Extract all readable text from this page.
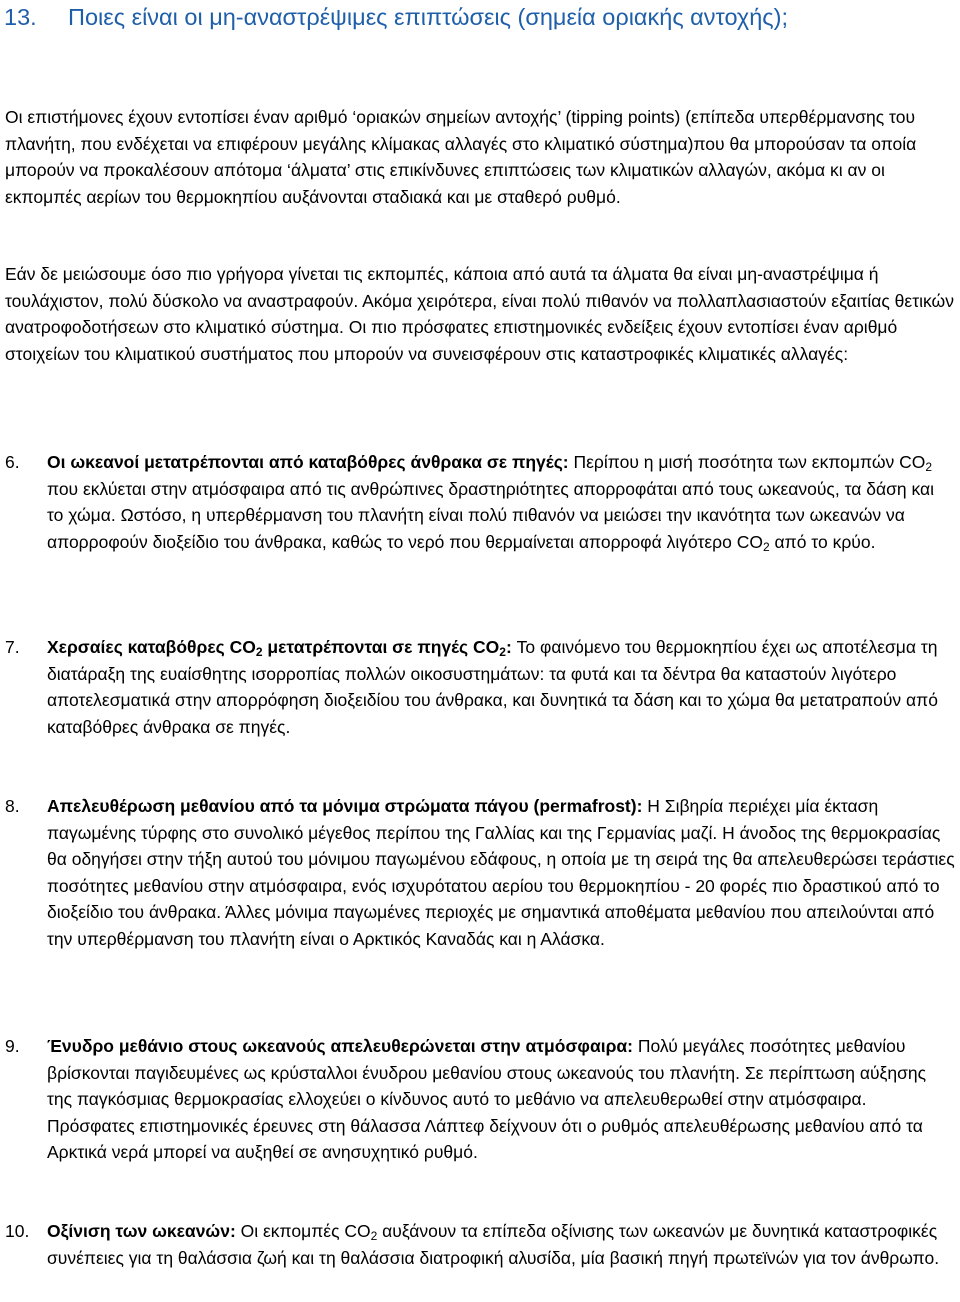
13.	Ποιες είναι οι μη-αναστρέψιμες επιπτώσεις (σημεία οριακής αντοχής);

Οι επιστήμονες έχουν εντοπίσει έναν αριθμό ‘οριακών σημείων αντοχής’ (tipping points) (επίπεδα υπερθέρμανσης του πλανήτη, που ενδέχεται να επιφέρουν μεγάλης κλίμακας αλλαγές στο κλιματικό σύστημα)που θα μπορούσαν τα οποία μπορούν να προκαλέσουν απότομα ‘άλματα’ στις επικίνδυνες επιπτώσεις των κλιματικών αλλαγών, ακόμα κι αν οι εκπομπές αερίων του θερμοκηπίου αυξάνονται σταδιακά και με σταθερό ρυθμό.

Εάν δε μειώσουμε όσο πιο γρήγορα γίνεται τις εκπομπές, κάποια από αυτά τα άλματα θα είναι μη-αναστρέψιμα ή τουλάχιστον, πολύ δύσκολο να αναστραφούν. Ακόμα χειρότερα, είναι πολύ πιθανόν να πολλαπλασιαστούν εξαιτίας θετικών ανατροφοδοτήσεων στο κλιματικό σύστημα. Οι πιο πρόσφατες επιστημονικές ενδείξεις έχουν εντοπίσει έναν αριθμό στοιχείων του κλιματικού συστήματος που μπορούν να συνεισφέρουν στις καταστροφικές κλιματικές αλλαγές:

6.	Οι ωκεανοί μετατρέπονται από καταβόθρες άνθρακα σε πηγές: Περίπου η μισή ποσότητα των εκπομπών $CO_2$ που εκλύεται στην ατμόσφαιρα από τις ανθρώπινες δραστηριότητες απορροφάται από τους ωκεανούς, τα δάση και το χώμα. Ωστόσο, η υπερθέρμανση του πλανήτη είναι πολύ πιθανόν να μειώσει την ικανότητα των ωκεανών να απορροφούν διοξείδιο του άνθρακα, καθώς το νερό που θερμαίνεται απορροφά λιγότερο $CO_2$ από το κρύο.
7.	Χερσαίες καταβόθρες $CO_2$ μετατρέπονται σε πηγές $CO_2$: Το φαινόμενο του θερμοκηπίου έχει ως αποτέλεσμα τη διατάραξη της ευαίσθητης ισορροπίας πολλών οικοσυστημάτων: τα φυτά και τα δέντρα θα καταστούν λιγότερο αποτελεσματικά στην απορρόφηση διοξειδίου του άνθρακα, και δυνητικά τα δάση και το χώμα θα μετατραπούν από καταβόθρες άνθρακα σε πηγές.
8.	Απελευθέρωση μεθανίου από τα μόνιμα στρώματα πάγου (permafrost): Η Σιβηρία περιέχει μία έκταση παγωμένης τύρφης στο συνολικό μέγεθος περίπου της Γαλλίας και της Γερμανίας μαζί. Η άνοδος της θερμοκρασίας θα οδηγήσει στην τήξη αυτού του μόνιμου παγωμένου εδάφους, η οποία με τη σειρά της θα απελευθερώσει τεράστιες ποσότητες μεθανίου στην ατμόσφαιρα, ενός ισχυρότατου αερίου του θερμοκηπίου - 20 φορές πιο δραστικού από το διοξείδιο του άνθρακα. Άλλες μόνιμα παγωμένες περιοχές με σημαντικά αποθέματα μεθανίου που απειλούνται από την υπερθέρμανση του πλανήτη είναι ο Αρκτικός Καναδάς και η Αλάσκα.
9.	Ένυδρο μεθάνιο στους ωκεανούς απελευθερώνεται στην ατμόσφαιρα: Πολύ μεγάλες ποσότητες μεθανίου βρίσκονται παγιδευμένες ως κρύσταλλοι ένυδρου μεθανίου στους ωκεανούς του πλανήτη. Σε περίπτωση αύξησης της παγκόσμιας θερμοκρασίας ελλοχεύει ο κίνδυνος αυτό το μεθάνιο να απελευθερωθεί στην ατμόσφαιρα. Πρόσφατες επιστημονικές έρευνες στη θάλασσα Λάπτεφ δείχνουν ότι ο ρυθμός απελευθέρωσης μεθανίου από τα Αρκτικά νερά μπορεί να αυξηθεί σε ανησυχητικό ρυθμό.
10.	Οξίνιση των ωκεανών: Οι εκπομπές $CO_2$ αυξάνουν τα επίπεδα οξίνισης των ωκεανών με δυνητικά καταστροφικές συνέπειες για τη θαλάσσια ζωή και τη θαλάσσια διατροφική αλυσίδα, μία βασική πηγή πρωτεϊνών για τον άνθρωπο.
